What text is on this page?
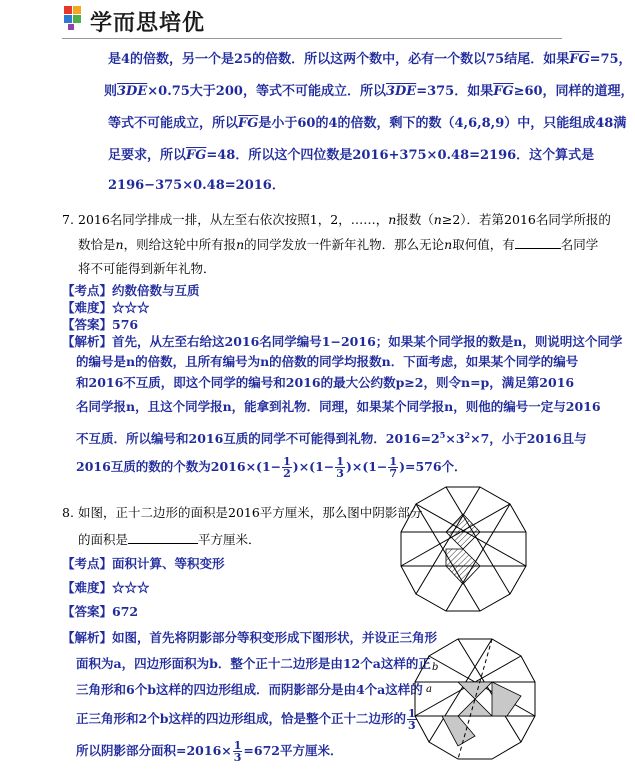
学而思培优
是4的倍数，另一个是25的倍数．所以这两个数中，必有一个数以75结尾．如果$\overline{FG}=75$，
则3DE×0.75大于200，等式不可能成立．所以3DE=375．如果$\overline{FG}\ge 60$，同样的道理，
等式不可能成立，所以$\overline{FG}$是小于60的4的倍数，剩下的数（4,6,8,9）中，只能组成48满
足要求，所以$\overline{FG}=48$．所以这个四位数是2016+375×0.48=2196．这个算式是
2196−375×0.48=2016．
7. 2016名同学排成一排，从左至右依次按照1，2，……，n报数（n≥2）．若第2016名同学所报的
数恰是n，则给这轮中所有报n的同学发放一件新年礼物．那么无论n取何值，有	名同学
将不可能得到新年礼物．
【考点】约数倍数与互质
【难度】☆☆☆
【答案】576
【解析】首先，从左至右给这2016名同学编号1−2016；如果某个同学报的数是n，则说明这个同学
的编号是n的倍数，且所有编号为n的倍数的同学均报数n．下面考虑，如果某个同学的编号
和2016不互质，即这个同学的编号和2016的最大公约数p≥2，则令n=p，满足第2016
名同学报n，且这个同学报n，能拿到礼物．同理，如果某个同学报n，则他的编号一定与2016
不互质．所以编号和2016互质的同学不可能得到礼物．$2016=2^5\times 3^2\times 7$，小于2016且与
2016互质的数的个数为$2016\times(1- \frac{1}{2} )\times(1- \frac{1}{3} )\times(1- \frac{1}{7} )=576$个．
8. 如图，正十二边形的面积是2016平方厘米，那么图中阴影部分
的面积是	平方厘米．
【考点】面积计算、等积变形
【难度】☆☆☆
【答案】672
【解析】如图，首先将阴影部分等积变形成下图形状，并设正三角形
面积为a，四边形面积为b．整个正十二边形是由12个a这样的正
三角形和6个b这样的四边形组成．而阴影部分是由4个a这样的
正三角形和2个b这样的四边形组成，恰是整个正十二边形的 $\frac{1}{3}$
所以阴影部分面积$=2016\times \frac{1}{3} =672$平方厘米．
b
a
